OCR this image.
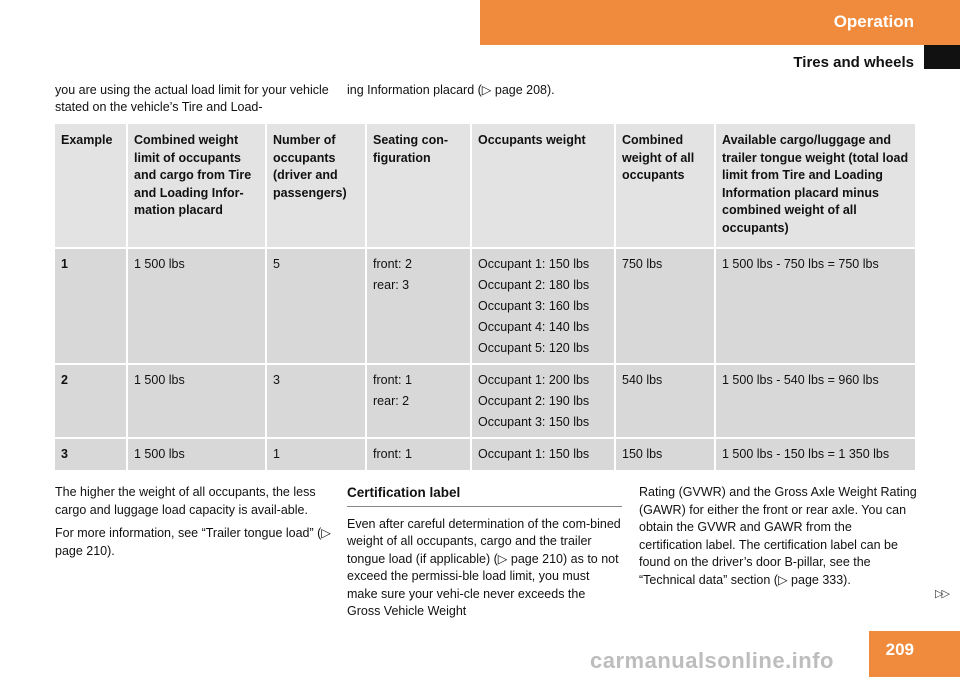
Operation
Tires and wheels
you are using the actual load limit for your vehicle stated on the vehicle’s Tire and Load-
ing Information placard (▷ page 208).
Example	Combined weight limit of occupants and cargo from Tire and Loading Infor-mation placard	Number of occupants (driver and passengers)	Seating con-figuration	Occupants weight	Combined weight of all occupants	Available cargo/luggage and trailer tongue weight (total load limit from Tire and Loading Information placard minus combined weight of all occupants)

1	1 500 lbs	5	front: 2
rear: 3	Occupant 1: 150 lbs
Occupant 2: 180 lbs
Occupant 3: 160 lbs
Occupant 4: 140 lbs
Occupant 5: 120 lbs	750 lbs	1 500 lbs - 750 lbs = 750 lbs

2	1 500 lbs	3	front: 1
rear: 2	Occupant 1: 200 lbs
Occupant 2: 190 lbs
Occupant 3: 150 lbs	540 lbs	1 500 lbs - 540 lbs = 960 lbs

3	1 500 lbs	1	front: 1	Occupant 1: 150 lbs	150 lbs	1 500 lbs - 150 lbs = 1 350 lbs

The higher the weight of all occupants, the less cargo and luggage load capacity is avail-able.

For more information, see “Trailer tongue load” (▷ page 210).

Certification label

Even after careful determination of the com-bined weight of all occupants, cargo and the trailer tongue load (if applicable) (▷ page 210) as to not exceed the permissi-ble load limit, you must make sure your vehi-cle never exceeds the Gross Vehicle Weight

Rating (GVWR) and the Gross Axle Weight Rating (GAWR) for either the front or rear axle. You can obtain the GVWR and GAWR from the certification label. The certification label can be found on the driver’s door B-pillar, see the “Technical data” section (▷ page 333).

▷▷
209
carmanualsonline.info
